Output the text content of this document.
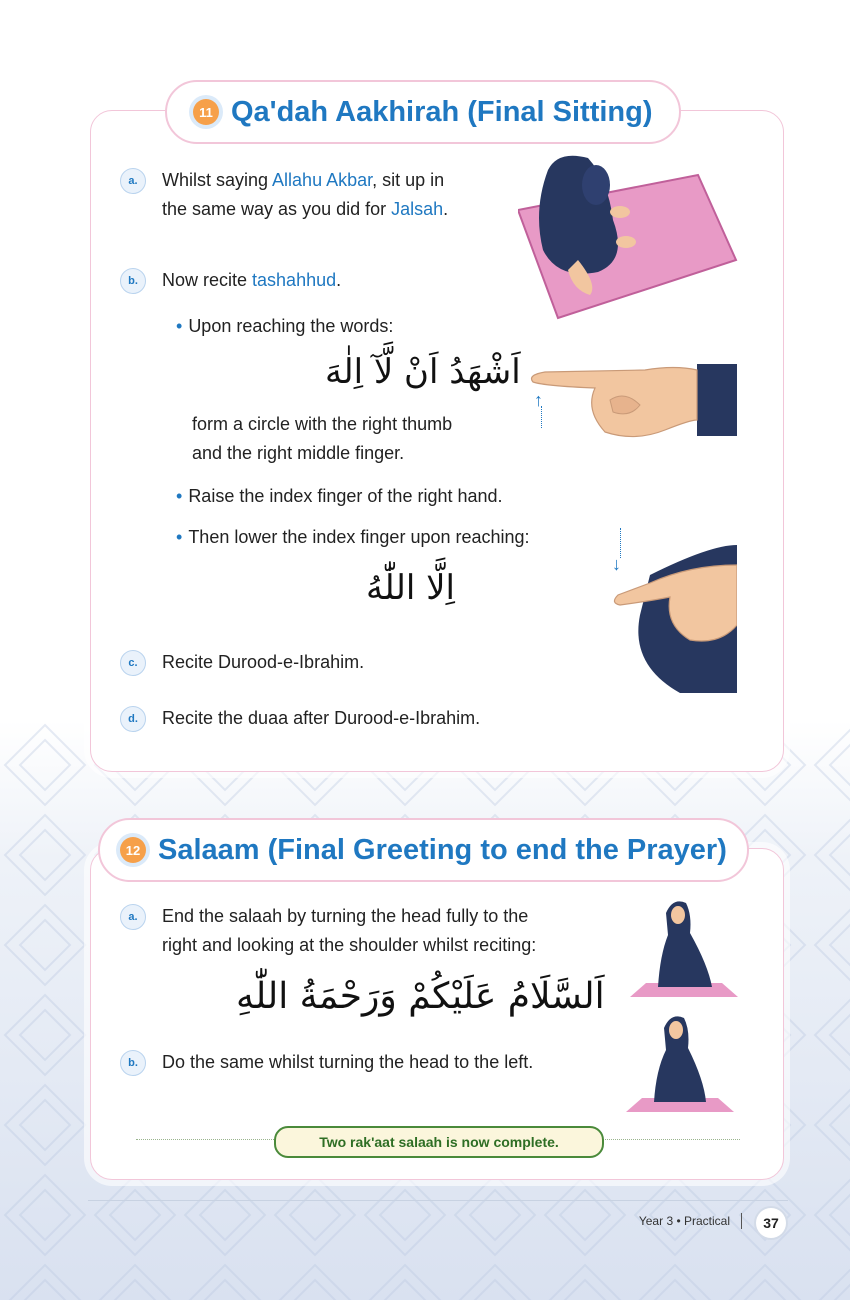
11 Qa'dah Aakhirah (Final Sitting)
a.	Whilst saying Allahu Akbar, sit up in
the same way as you did for Jalsah.
b.	Now recite tashahhud.
• Upon reaching the words:
اَشْهَدُ اَنْ لَّآ اِلٰهَ
form a circle with the right thumb
and the right middle finger.
• Raise the index finger of the right hand.
• Then lower the index finger upon reaching:
اِلَّا اللّٰهُ
c.	Recite Durood-e-Ibrahim.
d.	Recite the duaa after Durood-e-Ibrahim.
↑
↓
12 Salaam (Final Greeting to end the Prayer)
a.	End the salaah by turning the head fully to the
right and looking at the shoulder whilst reciting:
اَلسَّلَامُ عَلَيْكُمْ وَرَحْمَةُ اللّٰهِ
b.	Do the same whilst turning the head to the left.
Two rak'aat salaah is now complete.
Year 3 • Practical	37
